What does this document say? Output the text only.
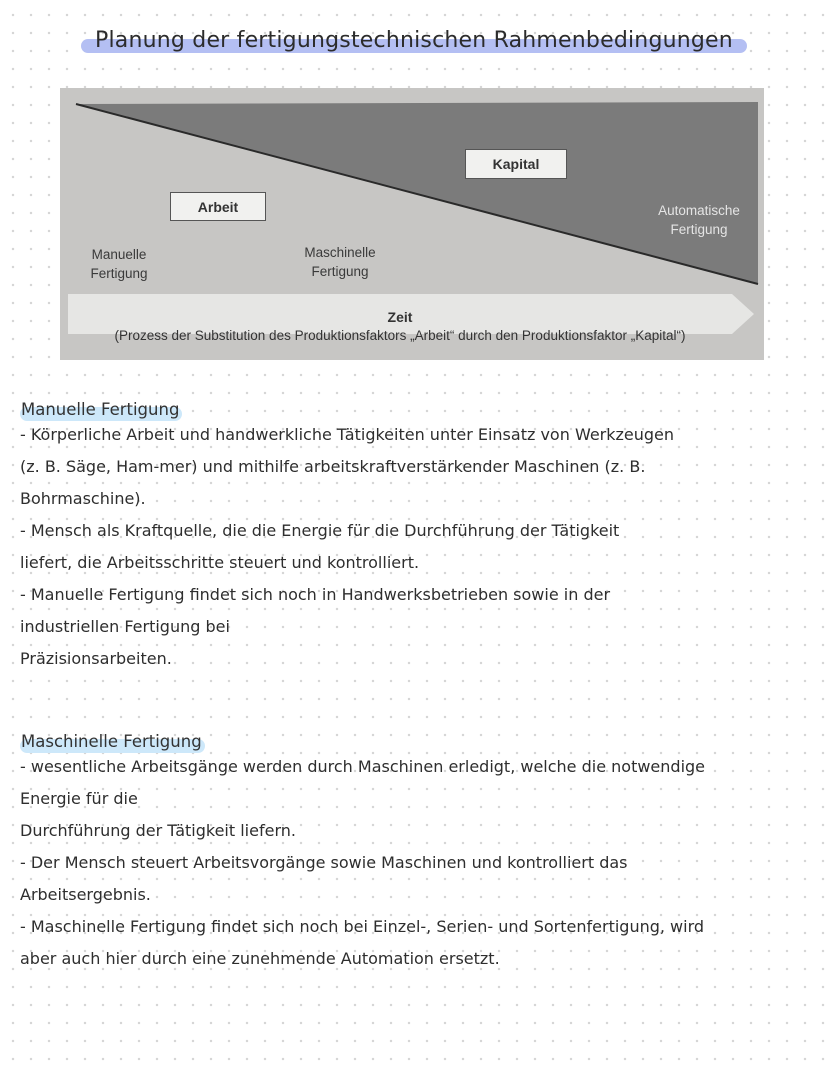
Planung der fertigungstechnischen Rahmenbedingungen
Arbeit
Kapital
Manuelle
Fertigung
Maschinelle
Fertigung
Automatische
Fertigung
Zeit
(Prozess der Substitution des Produktionsfaktors „Arbeit“ durch den Produktionsfaktor „Kapital“)
Manuelle Fertigung

- Körperliche Arbeit und handwerkliche Tätigkeiten unter Einsatz von Werkzeugen

(z. B. Säge, Ham-mer) und mithilfe arbeitskraftverstärkender Maschinen (z. B.

Bohrmaschine).

- Mensch als Kraftquelle, die die Energie für die Durchführung der Tätigkeit

liefert, die Arbeitsschritte steuert und kontrolliert.

- Manuelle Fertigung findet sich noch in Handwerksbetrieben sowie in der

industriellen Fertigung bei

Präzisionsarbeiten.

Maschinelle Fertigung

- wesentliche Arbeitsgänge werden durch Maschinen erledigt, welche die notwendige

Energie für die

Durchführung der Tätigkeit liefern.

- Der Mensch steuert Arbeitsvorgänge sowie Maschinen und kontrolliert das

Arbeitsergebnis.

- Maschinelle Fertigung findet sich noch bei Einzel-, Serien- und Sortenfertigung, wird

aber auch hier durch eine zunehmende Automation ersetzt.
